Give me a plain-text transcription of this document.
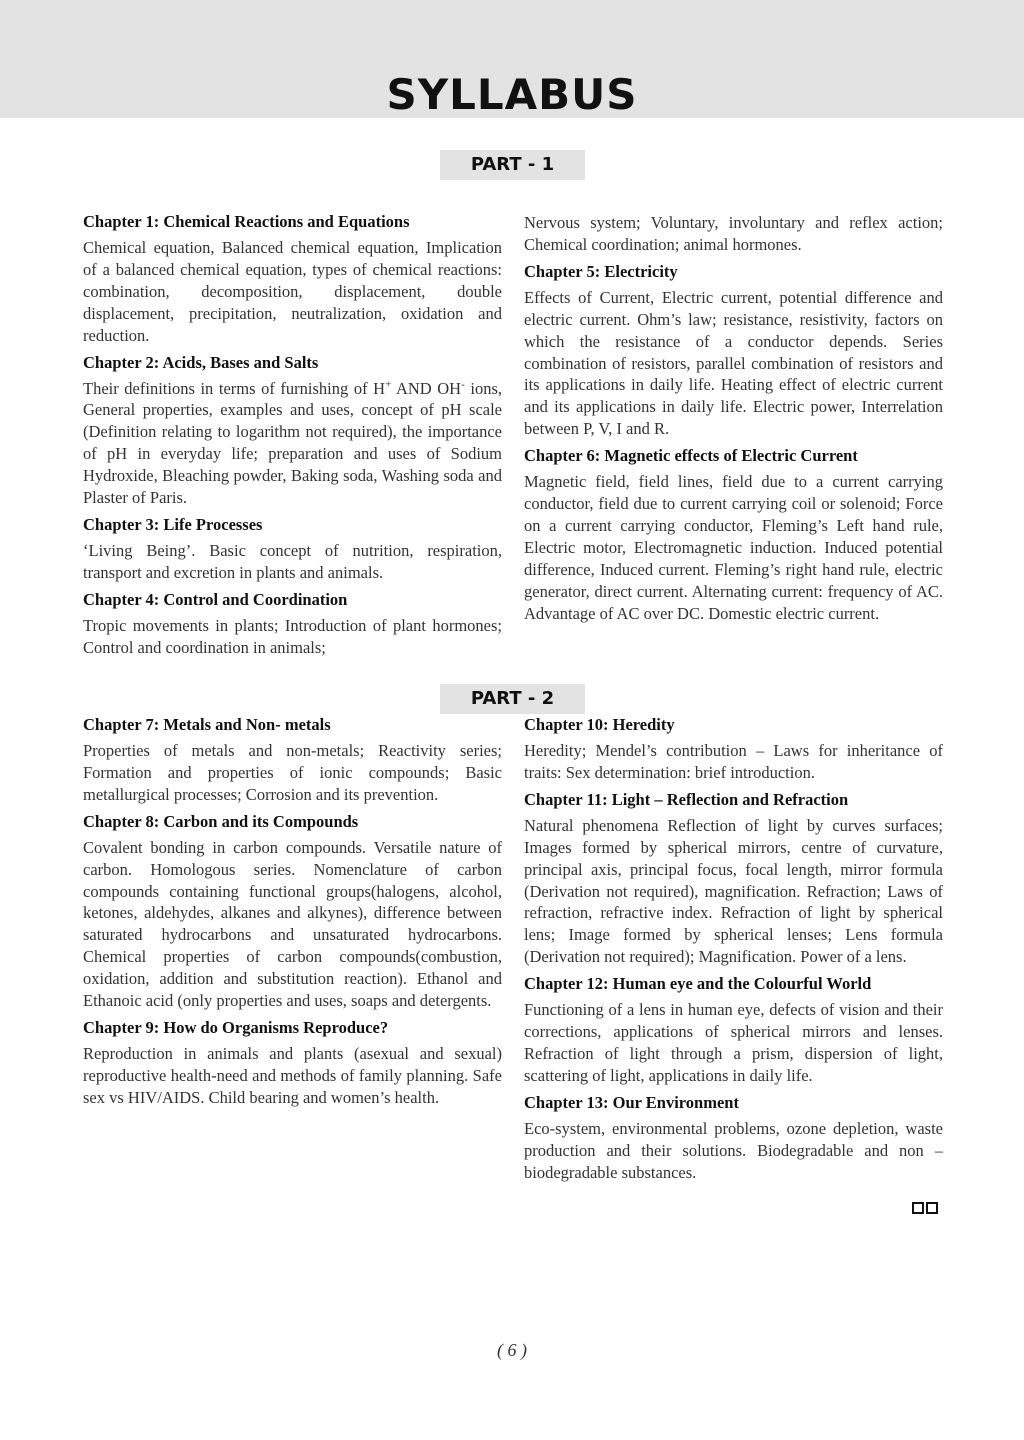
SYLLABUS
PART - 1
Chapter 1: Chemical Reactions and Equations

Chemical equation, Balanced chemical equation, Implication of a balanced chemical equation, types of chemical reactions: combination, decomposition, displacement, double displacement, precipitation, neutralization, oxidation and reduction.

Chapter 2: Acids, Bases and Salts

Their definitions in terms of furnishing of H+ AND OH- ions, General properties, examples and uses, concept of pH scale (Definition relating to logarithm not required), the importance of pH in everyday life; preparation and uses of Sodium Hydroxide, Bleaching powder, Baking soda, Washing soda and Plaster of Paris.

Chapter 3: Life Processes

‘Living Being’. Basic concept of nutrition, respiration, transport and excretion in plants and animals.

Chapter 4: Control and Coordination

Tropic movements in plants; Introduction of plant hormones; Control and coordination in animals;

Nervous system; Voluntary, involuntary and reflex action; Chemical coordination; animal hormones.

Chapter 5: Electricity

Effects of Current, Electric current, potential difference and electric current. Ohm’s law; resistance, resistivity, factors on which the resistance of a conductor depends. Series combination of resistors, parallel combination of resistors and its applications in daily life. Heating effect of electric current and its applications in daily life. Electric power, Interrelation between P, V, I and R.

Chapter 6: Magnetic effects of Electric Current

Magnetic field, field lines, field due to a current carrying conductor, field due to current carrying coil or solenoid; Force on a current carrying conductor, Fleming’s Left hand rule, Electric motor, Electromagnetic induction. Induced potential difference, Induced current. Fleming’s right hand rule, electric generator, direct current. Alternating current: frequency of AC. Advantage of AC over DC. Domestic electric current.

PART - 2
Chapter 7: Metals and Non- metals

Properties of metals and non-metals; Reactivity series; Formation and properties of ionic compounds; Basic metallurgical processes; Corrosion and its prevention.

Chapter 8: Carbon and its Compounds

Covalent bonding in carbon compounds. Versatile nature of carbon. Homologous series. Nomenclature of carbon compounds containing functional groups(halogens, alcohol, ketones, aldehydes, alkanes and alkynes), difference between saturated hydrocarbons and unsaturated hydrocarbons. Chemical properties of carbon compounds(combustion, oxidation, addition and substitution reaction). Ethanol and Ethanoic acid (only properties and uses, soaps and detergents.

Chapter 9: How do Organisms Reproduce?

Reproduction in animals and plants (asexual and sexual) reproductive health-need and methods of family planning. Safe sex vs HIV/AIDS. Child bearing and women’s health.

Chapter 10: Heredity

Heredity; Mendel’s contribution – Laws for inheritance of traits: Sex determination: brief introduction.

Chapter 11: Light – Reflection and Refraction

Natural phenomena Reflection of light by curves surfaces; Images formed by spherical mirrors, centre of curvature, principal axis, principal focus, focal length, mirror formula (Derivation not required), magnification. Refraction; Laws of refraction, refractive index. Refraction of light by spherical lens; Image formed by spherical lenses; Lens formula (Derivation not required); Magnification. Power of a lens.

Chapter 12: Human eye and the Colourful World

Functioning of a lens in human eye, defects of vision and their corrections, applications of spherical mirrors and lenses. Refraction of light through a prism, dispersion of light, scattering of light, applications in daily life.

Chapter 13: Our Environment

Eco-system, environmental problems, ozone depletion, waste production and their solutions. Biodegradable and non – biodegradable substances.

( 6 )
